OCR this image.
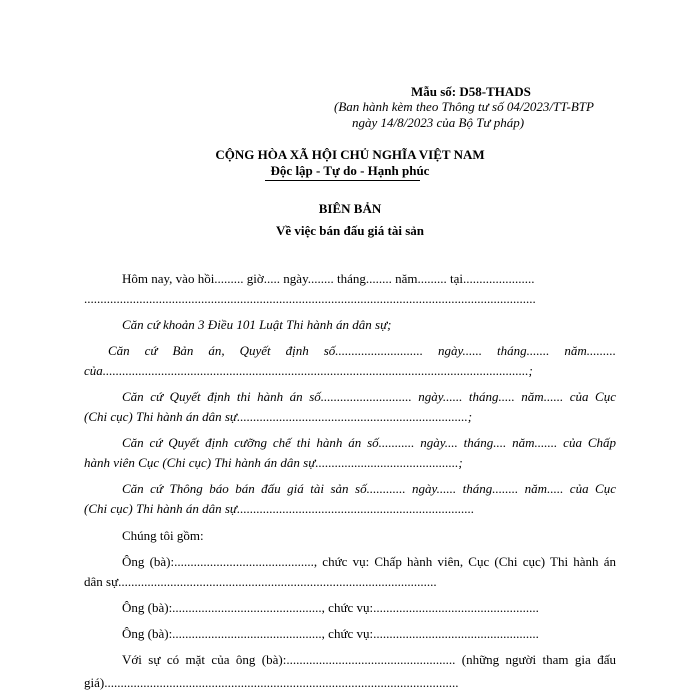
Mẫu số: D58-THADS
(Ban hành kèm theo Thông tư số 04/2023/TT-BTP
ngày 14/8/2023 của Bộ Tư pháp)
CỘNG HÒA XÃ HỘI CHỦ NGHĨA VIỆT NAM
Độc lập - Tự do - Hạnh phúc
BIÊN BẢN
Về việc bán đấu giá tài sản
Hôm nay, vào hồi......... giờ..... ngày........ tháng........ năm......... tại......................
...........................................................................................................................................
Căn cứ khoản 3 Điều 101 Luật Thi hành án dân sự;
Căn cứ Bản án, Quyết định số........................... ngày...... tháng....... năm.........
của...................................................................................................................................;
Căn cứ Quyết định thi hành án số............................ ngày...... tháng..... năm...... của Cục
(Chi cục) Thi hành án dân sự.......................................................................;
Căn cứ Quyết định cưỡng chế thi hành án số........... ngày.... tháng.... năm....... của Chấp
hành viên Cục (Chi cục) Thi hành án dân sự............................................;
Căn cứ Thông báo bán đấu giá tài sản số............ ngày...... tháng........ năm..... của Cục
(Chi cục) Thi hành án dân sự.........................................................................
Chúng tôi gồm:
Ông (bà):..........................................., chức vụ: Chấp hành viên, Cục (Chi cục) Thi hành án
dân sự..................................................................................................
Ông (bà):.............................................., chức vụ:...................................................
Ông (bà):.............................................., chức vụ:...................................................
Với sự có mặt của ông (bà):.................................................... (những người tham gia đấu
giá).............................................................................................................
